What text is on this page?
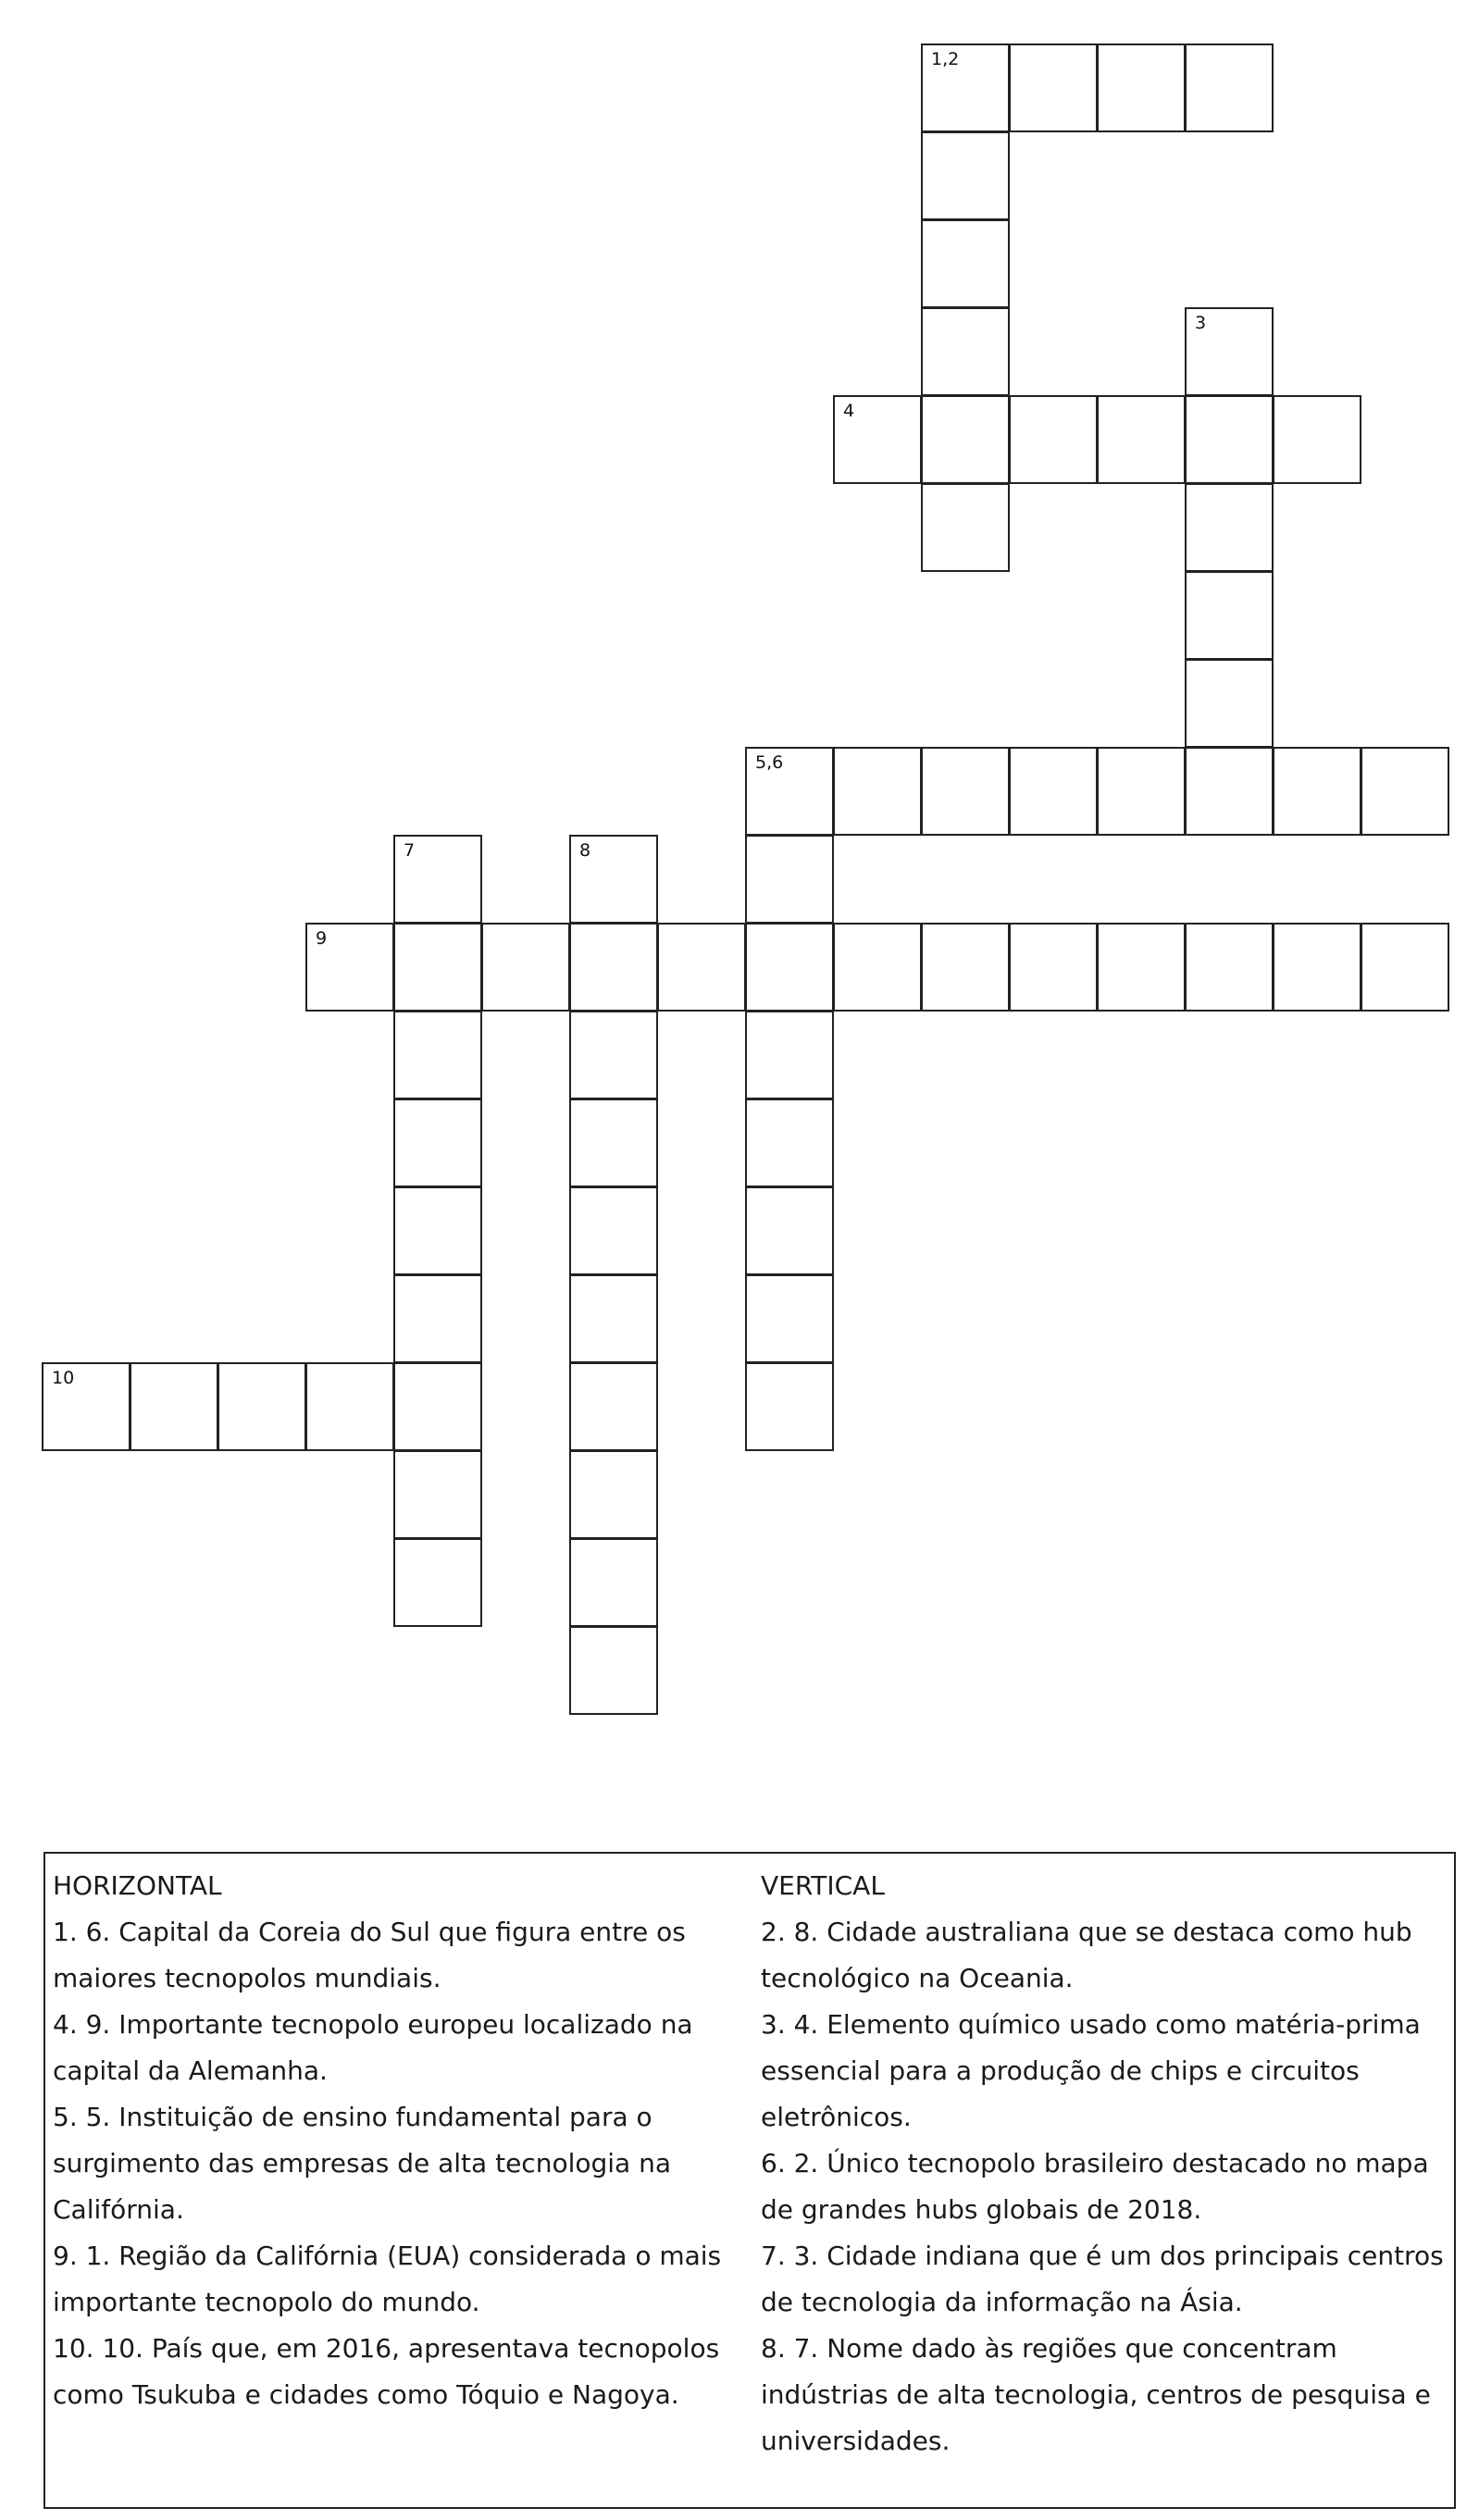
1,2
3
4
5,6
7	8
9
10

HORIZONTAL

1. 6. Capital da Coreia do Sul que figura entre os maiores tecnopolos mundiais.

4. 9. Importante tecnopolo europeu localizado na capital da Alemanha.

5. 5. Instituição de ensino fundamental para o surgimento das empresas de alta tecnologia na Califórnia.

9. 1. Região da Califórnia (EUA) considerada o mais importante tecnopolo do mundo.

10. 10. País que, em 2016, apresentava tecnopolos como Tsukuba e cidades como Tóquio e Nagoya.

VERTICAL

2. 8. Cidade australiana que se destaca como hub tecnológico na Oceania.

3. 4. Elemento químico usado como matéria-prima essencial para a produção de chips e circuitos eletrônicos.

6. 2. Único tecnopolo brasileiro destacado no mapa de grandes hubs globais de 2018.

7. 3. Cidade indiana que é um dos principais centros de tecnologia da informação na Ásia.

8. 7. Nome dado às regiões que concentram indústrias de alta tecnologia, centros de pesquisa e universidades.
